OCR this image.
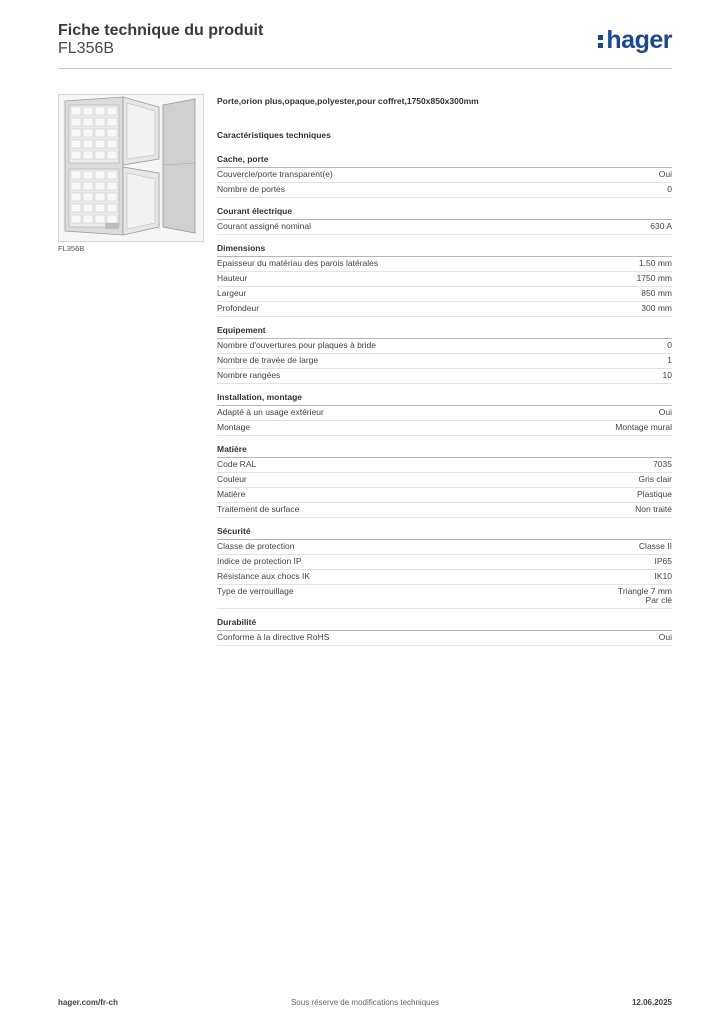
Fiche technique du produit
FL356B	hager
FL356B
Porte,orion plus,opaque,polyester,pour coffret,1750x850x300mm
Caractéristiques techniques
Cache, porte
Couvercle/porte transparent(e)	Oui
Nombre de portes	0
Courant électrique
Courant assigné nominal	630 A
Dimensions
Epaisseur du matériau des parois latérales	1.50 mm
Hauteur	1750 mm
Largeur	850 mm
Profondeur	300 mm
Equipement
Nombre d'ouvertures pour plaques à bride	0
Nombre de travée de large	1
Nombre rangées	10
Installation, montage
Adapté à un usage extérieur	Oui
Montage	Montage mural
Matière
Code RAL	7035
Couleur	Gris clair
Matière	Plastique
Traitement de surface	Non traité
Sécurité
Classe de protection	Classe II
Indice de protection IP	IP65
Résistance aux chocs IK	IK10
Type de verrouillage	Triangle 7 mm
Par clé
Durabilité
Conforme à la directive RoHS	Oui
Sous réserve de modifications techniques
hager.com/fr-ch	12.06.2025
